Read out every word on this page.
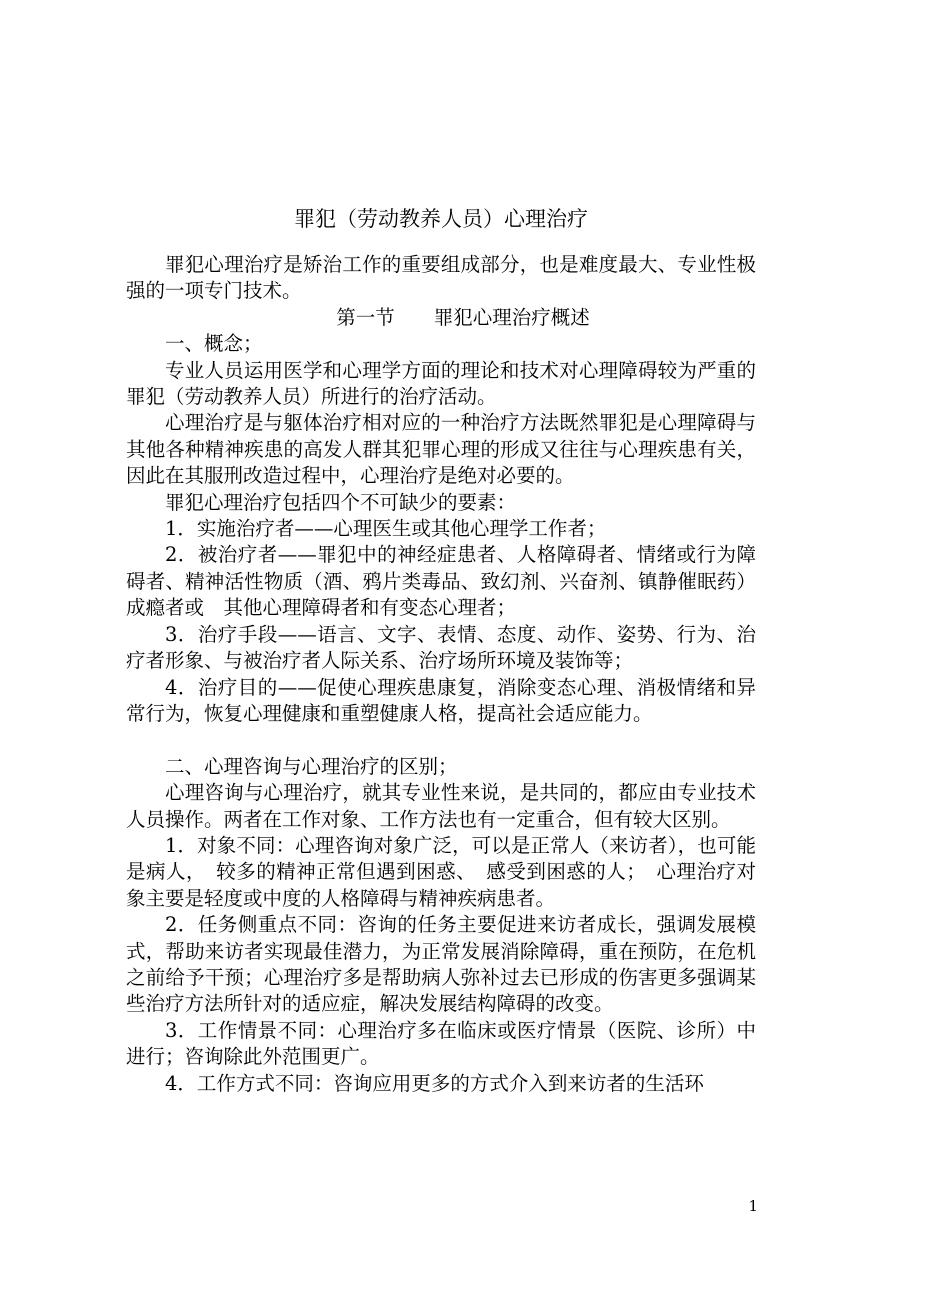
罪犯（劳动教养人员）心理治疗

罪犯心理治疗是矫治工作的重要组成部分，也是难度最大、专业性极强的一项专门技术。

第一节　　罪犯心理治疗概述

一、概念；

专业人员运用医学和心理学方面的理论和技术对心理障碍较为严重的罪犯（劳动教养人员）所进行的治疗活动。

心理治疗是与躯体治疗相对应的一种治疗方法既然罪犯是心理障碍与其他各种精神疾患的高发人群其犯罪心理的形成又往往与心理疾患有关，因此在其服刑改造过程中，心理治疗是绝对必要的。

罪犯心理治疗包括四个不可缺少的要素：

1．实施治疗者——心理医生或其他心理学工作者；

2．被治疗者——罪犯中的神经症患者、人格障碍者、情绪或行为障碍者、精神活性物质（酒、鸦片类毒品、致幻剂、兴奋剂、镇静催眠药）成瘾者或　其他心理障碍者和有变态心理者；

3．治疗手段——语言、文字、表情、态度、动作、姿势、行为、治疗者形象、与被治疗者人际关系、治疗场所环境及装饰等；

4．治疗目的——促使心理疾患康复，消除变态心理、消极情绪和异常行为，恢复心理健康和重塑健康人格，提高社会适应能力。

二、心理咨询与心理治疗的区别；

心理咨询与心理治疗，就其专业性来说，是共同的，都应由专业技术人员操作。两者在工作对象、工作方法也有一定重合，但有较大区别。

1．对象不同：心理咨询对象广泛，可以是正常人（来访者），也可能是病人，　较多的精神正常但遇到困惑、　感受到困惑的人；　心理治疗对象主要是轻度或中度的人格障碍与精神疾病患者。

2．任务侧重点不同：咨询的任务主要促进来访者成长，强调发展模式，帮助来访者实现最佳潜力，为正常发展消除障碍，重在预防，在危机之前给予干预；心理治疗多是帮助病人弥补过去已形成的伤害更多强调某些治疗方法所针对的适应症，解决发展结构障碍的改变。

3．工作情景不同：心理治疗多在临床或医疗情景（医院、诊所）中进行；咨询除此外范围更广。

4．工作方式不同：咨询应用更多的方式介入到来访者的生活环

1
